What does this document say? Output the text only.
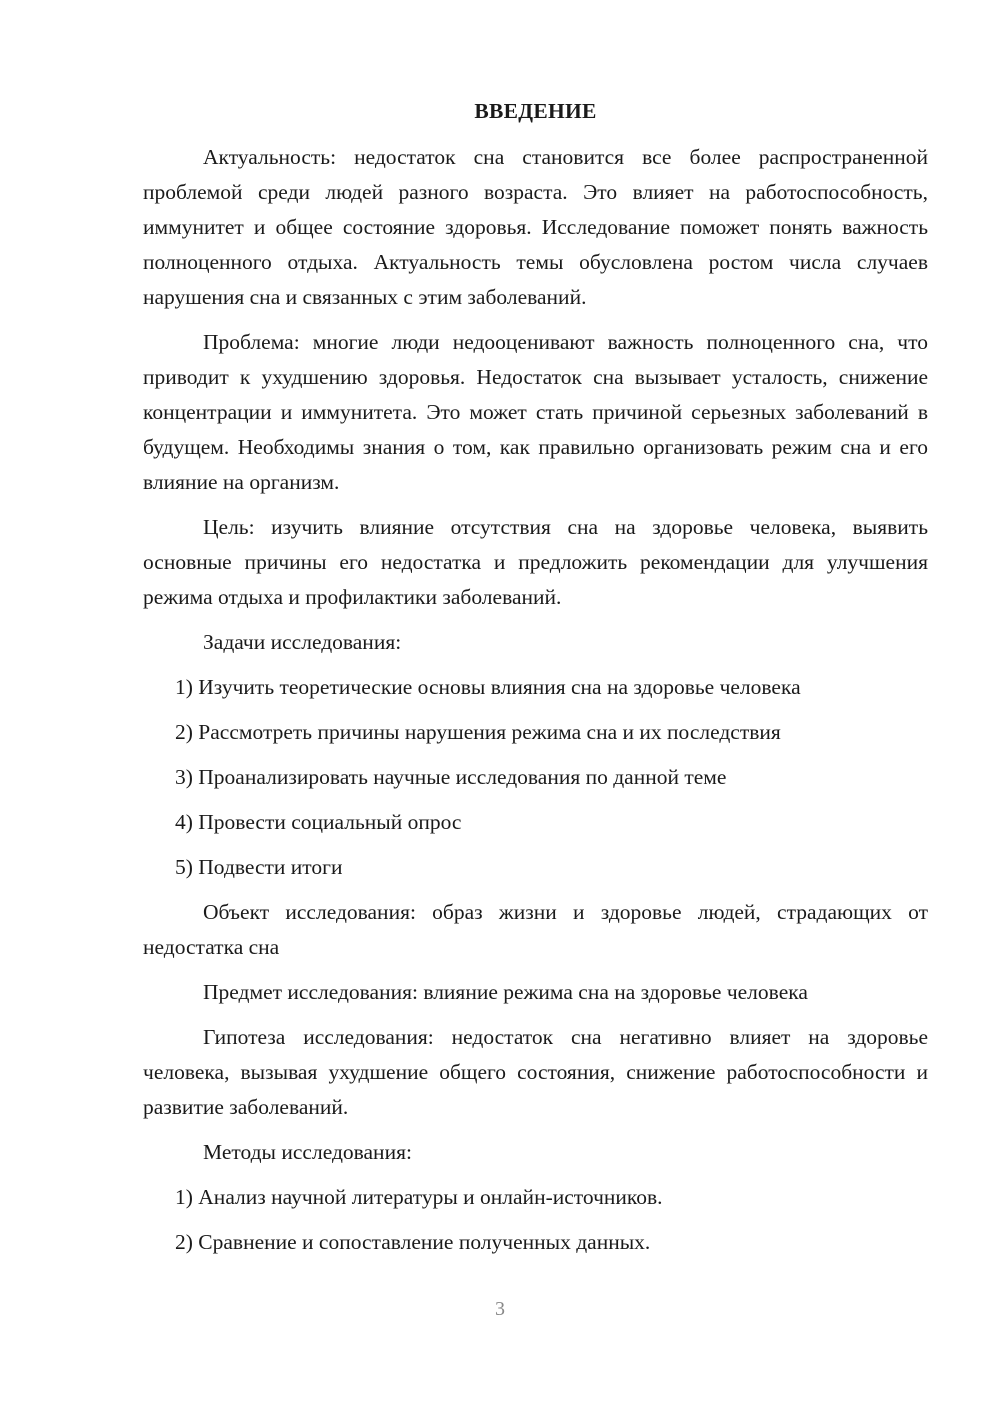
ВВЕДЕНИЕ

Актуальность: недостаток сна становится все более распространенной проблемой среди людей разного возраста. Это влияет на работоспособность, иммунитет и общее состояние здоровья. Исследование поможет понять важность полноценного отдыха. Актуальность темы обусловлена ростом числа случаев нарушения сна и связанных с этим заболеваний.

Проблема: многие люди недооценивают важность полноценного сна, что приводит к ухудшению здоровья. Недостаток сна вызывает усталость, снижение концентрации и иммунитета. Это может стать причиной серьезных заболеваний в будущем. Необходимы знания о том, как правильно организовать режим сна и его влияние на организм.

Цель: изучить влияние отсутствия сна на здоровье человека, выявить основные причины его недостатка и предложить рекомендации для улучшения режима отдыха и профилактики заболеваний.

Задачи исследования:

1) Изучить теоретические основы влияния сна на здоровье человека

2) Рассмотреть причины нарушения режима сна и их последствия

3) Проанализировать научные исследования по данной теме

4) Провести социальный опрос

5) Подвести итоги

Объект исследования: образ жизни и здоровье людей, страдающих от недостатка сна

Предмет исследования: влияние режима сна на здоровье человека

Гипотеза исследования: недостаток сна негативно влияет на здоровье человека, вызывая ухудшение общего состояния, снижение работоспособности и развитие заболеваний.

Методы исследования:

1) Анализ научной литературы и онлайн-источников.

2) Сравнение и сопоставление полученных данных.

3
